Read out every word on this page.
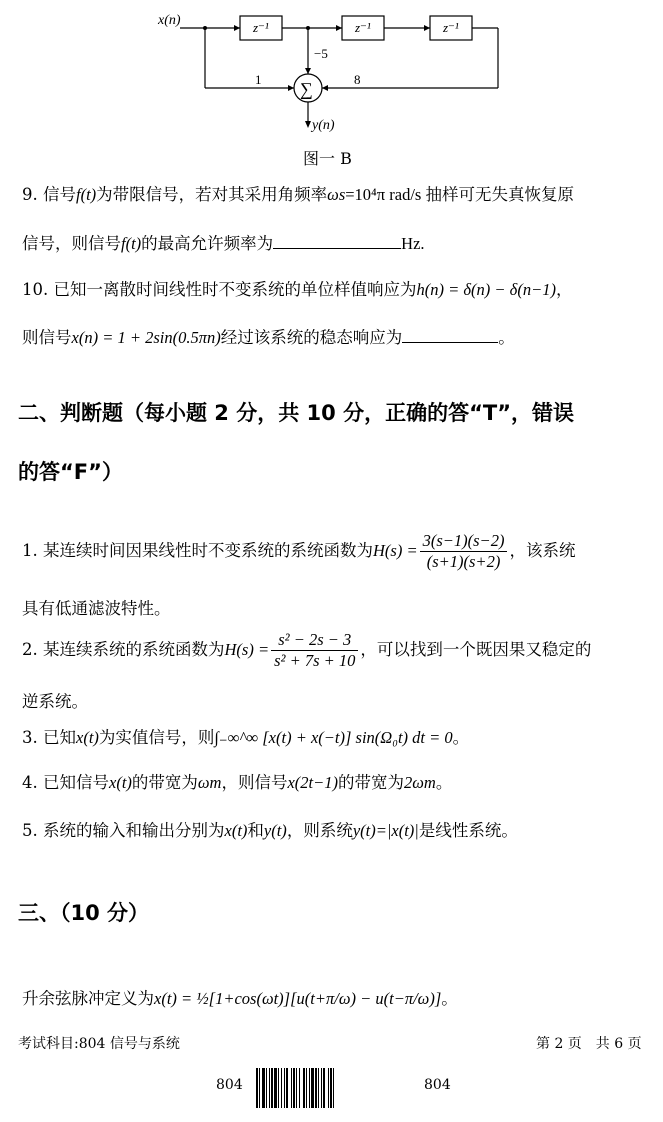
x(n)	z⁻¹	z⁻¹	z⁻¹
1
−5
8
∑
y(n)
图一 B
9. 信号f(t)为带限信号，若对其采用角频率ωs=10⁴π rad/s 抽样可无失真恢复原
信号，则信号f(t)的最高允许频率为	Hz.
10. 已知一离散时间线性时不变系统的单位样值响应为h(n) = δ(n) − δ(n−1)，
则信号x(n) = 1 + 2sin(0.5πn)经过该系统的稳态响应为	。
二、判断题（每小题 2 分，共 10 分，正确的答“T”，错误
的答“F”）
1. 某连续时间因果线性时不变系统的系统函数为$H(s) = \frac{3(s-1)(s-2)}{(s+1)(s+2)}$ ，该系统
具有低通滤波特性。
2. 某连续系统的系统函数为$H(s) = \frac{\text{s² − 2s − 3}}{\text{s² + 7s + 10}}$ ，可以找到一个既因果又稳定的
逆系统。
3. 已知x(t)为实值信号，则∫₋∞^∞ [x(t) + x(−t)] sin(Ω₀t) dt = 0。
4. 已知信号x(t)的带宽为ωm，则信号x(2t−1)的带宽为2ωm。
5. 系统的输入和输出分别为x(t)和y(t)，则系统y(t)=|x(t)|是线性系统。
三、（10 分）
升余弦脉冲定义为x(t) = ½[1+cos(ωt)][u(t+π/ω) − u(t−π/ω)]。
考试科目:804 信号与系统	第 2 页　共 6 页
804	804
